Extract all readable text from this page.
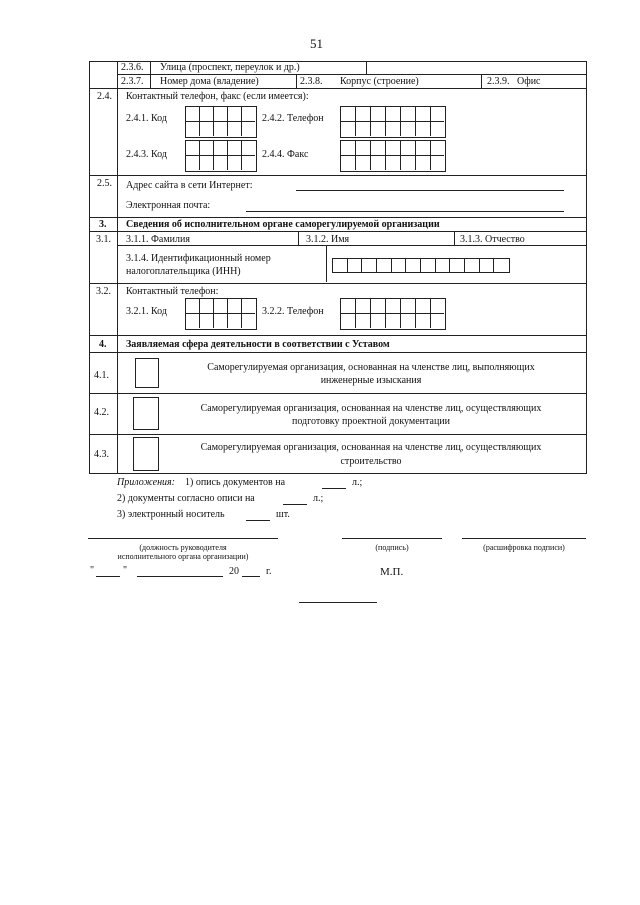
51
2.3.6. Улица (проспект, переулок и др.)
2.3.7. Номер дома (владение)	2.3.8. Корпус (строение)	2.3.9. Офис
2.4. Контактный телефон, факс (если имеется):
2.4.1. Код	2.4.2. Телефон
2.4.3. Код	2.4.4. Факс
2.5. Адрес сайта в сети Интернет:
Электронная почта:
3. Сведения об исполнительном органе саморегулируемой организации
3.1. 3.1.1. Фамилия	3.1.2. Имя	3.1.3. Отчество
3.1.4. Идентификационный номер
налогоплательщика (ИНН)
3.2. Контактный телефон:
3.2.1. Код	3.2.2. Телефон
4. Заявляемая сфера деятельности в соответствии с Уставом
4.1.
Саморегулируемая организация, основанная на членстве лиц, выполняющих
инженерные изыскания
4.2.	Саморегулируемая организация, основанная на членстве лиц, осуществляющих
подготовку проектной документации
4.3.
Саморегулируемая организация, основанная на членстве лиц, осуществляющих
строительство
Приложения: 1) опись документов на	л.;
2) документы согласно описи на	л.;
3) электронный носитель	шт.
(должность руководителя
исполнительного органа организации)
(подпись)	(расшифровка подписи)
"	"	20	г.	М.П.
